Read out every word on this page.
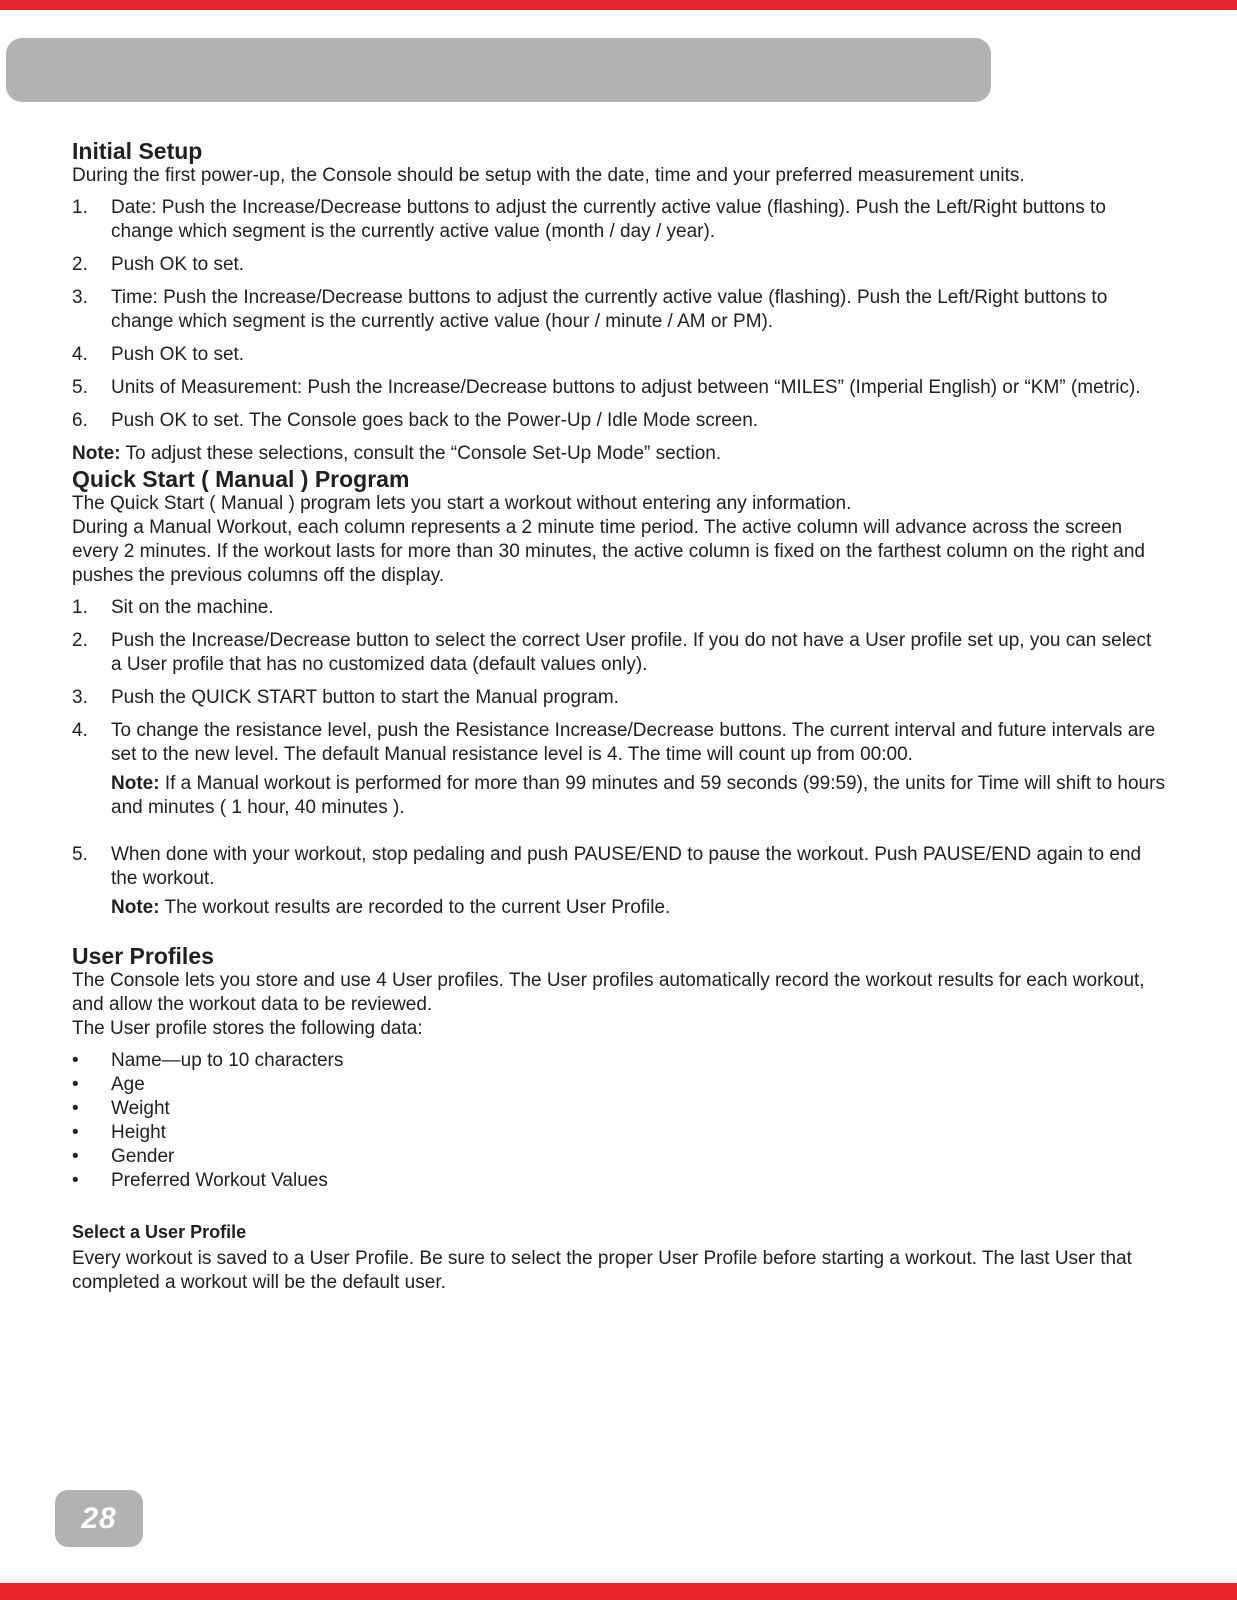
Initial Setup

During the first power-up, the Console should be setup with the date, time and your preferred measurement units.

1.	Date: Push the Increase/Decrease buttons to adjust the currently active value (flashing). Push the Left/Right buttons to change which segment is the currently active value (month / day / year).
2.	Push OK to set.
3.	Time: Push the Increase/Decrease buttons to adjust the currently active value (flashing). Push the Left/Right buttons to change which segment is the currently active value (hour / minute / AM or PM).
4.	Push OK to set.
5.	Units of Measurement: Push the Increase/Decrease buttons to adjust between “MILES” (Imperial English) or “KM” (metric).
6.	Push OK to set. The Console goes back to the Power-Up / Idle Mode screen.

Note: To adjust these selections, consult the “Console Set-Up Mode” section.

Quick Start ( Manual ) Program

The Quick Start ( Manual ) program lets you start a workout without entering any information.

During a Manual Workout, each column represents a 2 minute time period. The active column will advance across the screen every 2 minutes. If the workout lasts for more than 30 minutes, the active column is fixed on the farthest column on the right and pushes the previous columns off the display.

1.	Sit on the machine.
2.	Push the Increase/Decrease button to select the correct User profile. If you do not have a User profile set up, you can select a User profile that has no customized data (default values only).
3.	Push the QUICK START button to start the Manual program.
4.	To change the resistance level, push the Resistance Increase/Decrease buttons. The current interval and future intervals are set to the new level. The default Manual resistance level is 4. The time will count up from 00:00.
Note: If a Manual workout is performed for more than 99 minutes and 59 seconds (99:59), the units for Time will shift to hours and minutes ( 1 hour, 40 minutes ).
5.	When done with your workout, stop pedaling and push PAUSE/END to pause the workout. Push PAUSE/END again to end the workout.
Note: The workout results are recorded to the current User Profile.
User Profiles

The Console lets you store and use 4 User profiles. The User profiles automatically record the workout results for each workout, and allow the workout data to be reviewed.

The User profile stores the following data:

•	Name—up to 10 characters
•	Age
•	Weight
•	Height
•	Gender
•	Preferred Workout Values
Select a User Profile

Every workout is saved to a User Profile. Be sure to select the proper User Profile before starting a workout. The last User that completed a workout will be the default user.

28
